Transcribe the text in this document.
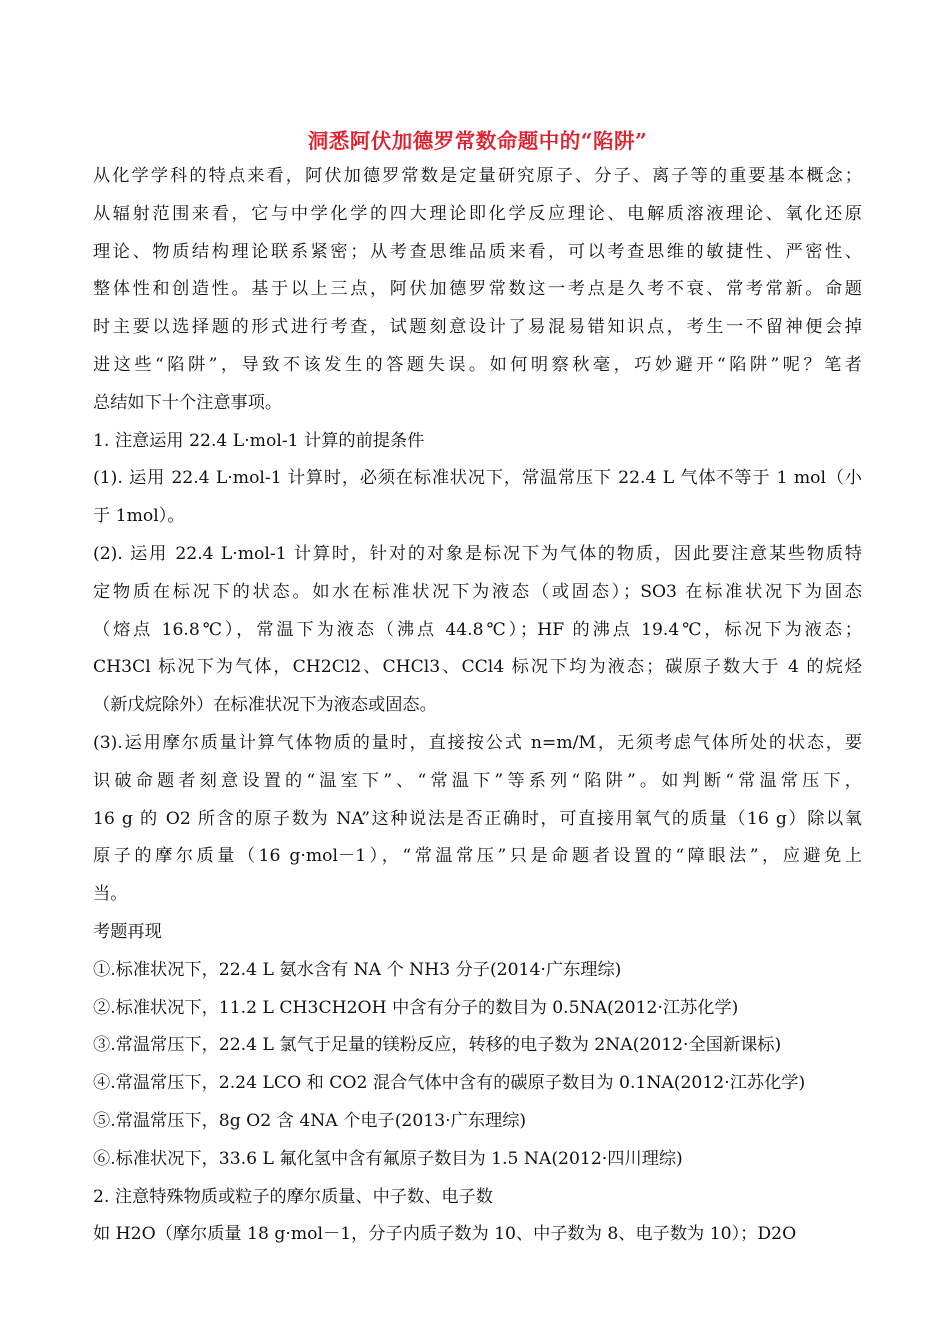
洞悉阿伏加德罗常数命题中的“陷阱”

从化学学科的特点来看，阿伏加德罗常数是定量研究原子、分子、离子等的重要基本概念；

从辐射范围来看，它与中学化学的四大理论即化学反应理论、电解质溶液理论、氧化还原

理论、物质结构理论联系紧密；从考查思维品质来看，可以考查思维的敏捷性、严密性、

整体性和创造性。基于以上三点，阿伏加德罗常数这一考点是久考不衰、常考常新。命题

时主要以选择题的形式进行考查，试题刻意设计了易混易错知识点，考生一不留神便会掉

进这些“陷阱”，导致不该发生的答题失误。如何明察秋毫，巧妙避开“陷阱”呢？笔者

总结如下十个注意事项。

1. 注意运用 22.4 L·mol-1 计算的前提条件

(1). 运用 22.4 L·mol-1 计算时，必须在标准状况下，常温常压下 22.4 L 气体不等于 1 mol（小

于 1mol）。

(2). 运用 22.4 L·mol-1 计算时，针对的对象是标况下为气体的物质，因此要注意某些物质特

定物质在标况下的状态。如水在标准状况下为液态（或固态）；SO3 在标准状况下为固态

（熔点 16.8℃），常温下为液态（沸点 44.8℃）；HF 的沸点 19.4℃，标况下为液态；

CH3Cl 标况下为气体，CH2Cl2、CHCl3、CCl4 标况下均为液态；碳原子数大于 4 的烷烃

（新戊烷除外）在标准状况下为液态或固态。

(3).运用摩尔质量计算气体物质的量时，直接按公式 n=m/M，无须考虑气体所处的状态，要

识破命题者刻意设置的“温室下”、“常温下”等系列“陷阱”。如判断“常温常压下，

16 g 的 O2 所含的原子数为 NA”这种说法是否正确时，可直接用氧气的质量（16 g）除以氧

原子的摩尔质量（16 g·mol－1），“常温常压”只是命题者设置的“障眼法”，应避免上

当。

考题再现

①.标准状况下，22.4 L 氨水含有 NA 个 NH3 分子(2014·广东理综)

②.标准状况下，11.2 L CH3CH2OH 中含有分子的数目为 0.5NA(2012·江苏化学)

③.常温常压下，22.4 L 氯气于足量的镁粉反应，转移的电子数为 2NA(2012·全国新课标)

④.常温常压下，2.24 LCO 和 CO2 混合气体中含有的碳原子数目为 0.1NA(2012·江苏化学)

⑤.常温常压下，8g O2 含 4NA 个电子(2013·广东理综)

⑥.标准状况下，33.6 L 氟化氢中含有氟原子数目为 1.5 NA(2012·四川理综)

2. 注意特殊物质或粒子的摩尔质量、中子数、电子数

如 H2O（摩尔质量 18 g·mol－1，分子内质子数为 10、中子数为 8、电子数为 10）；D2O
